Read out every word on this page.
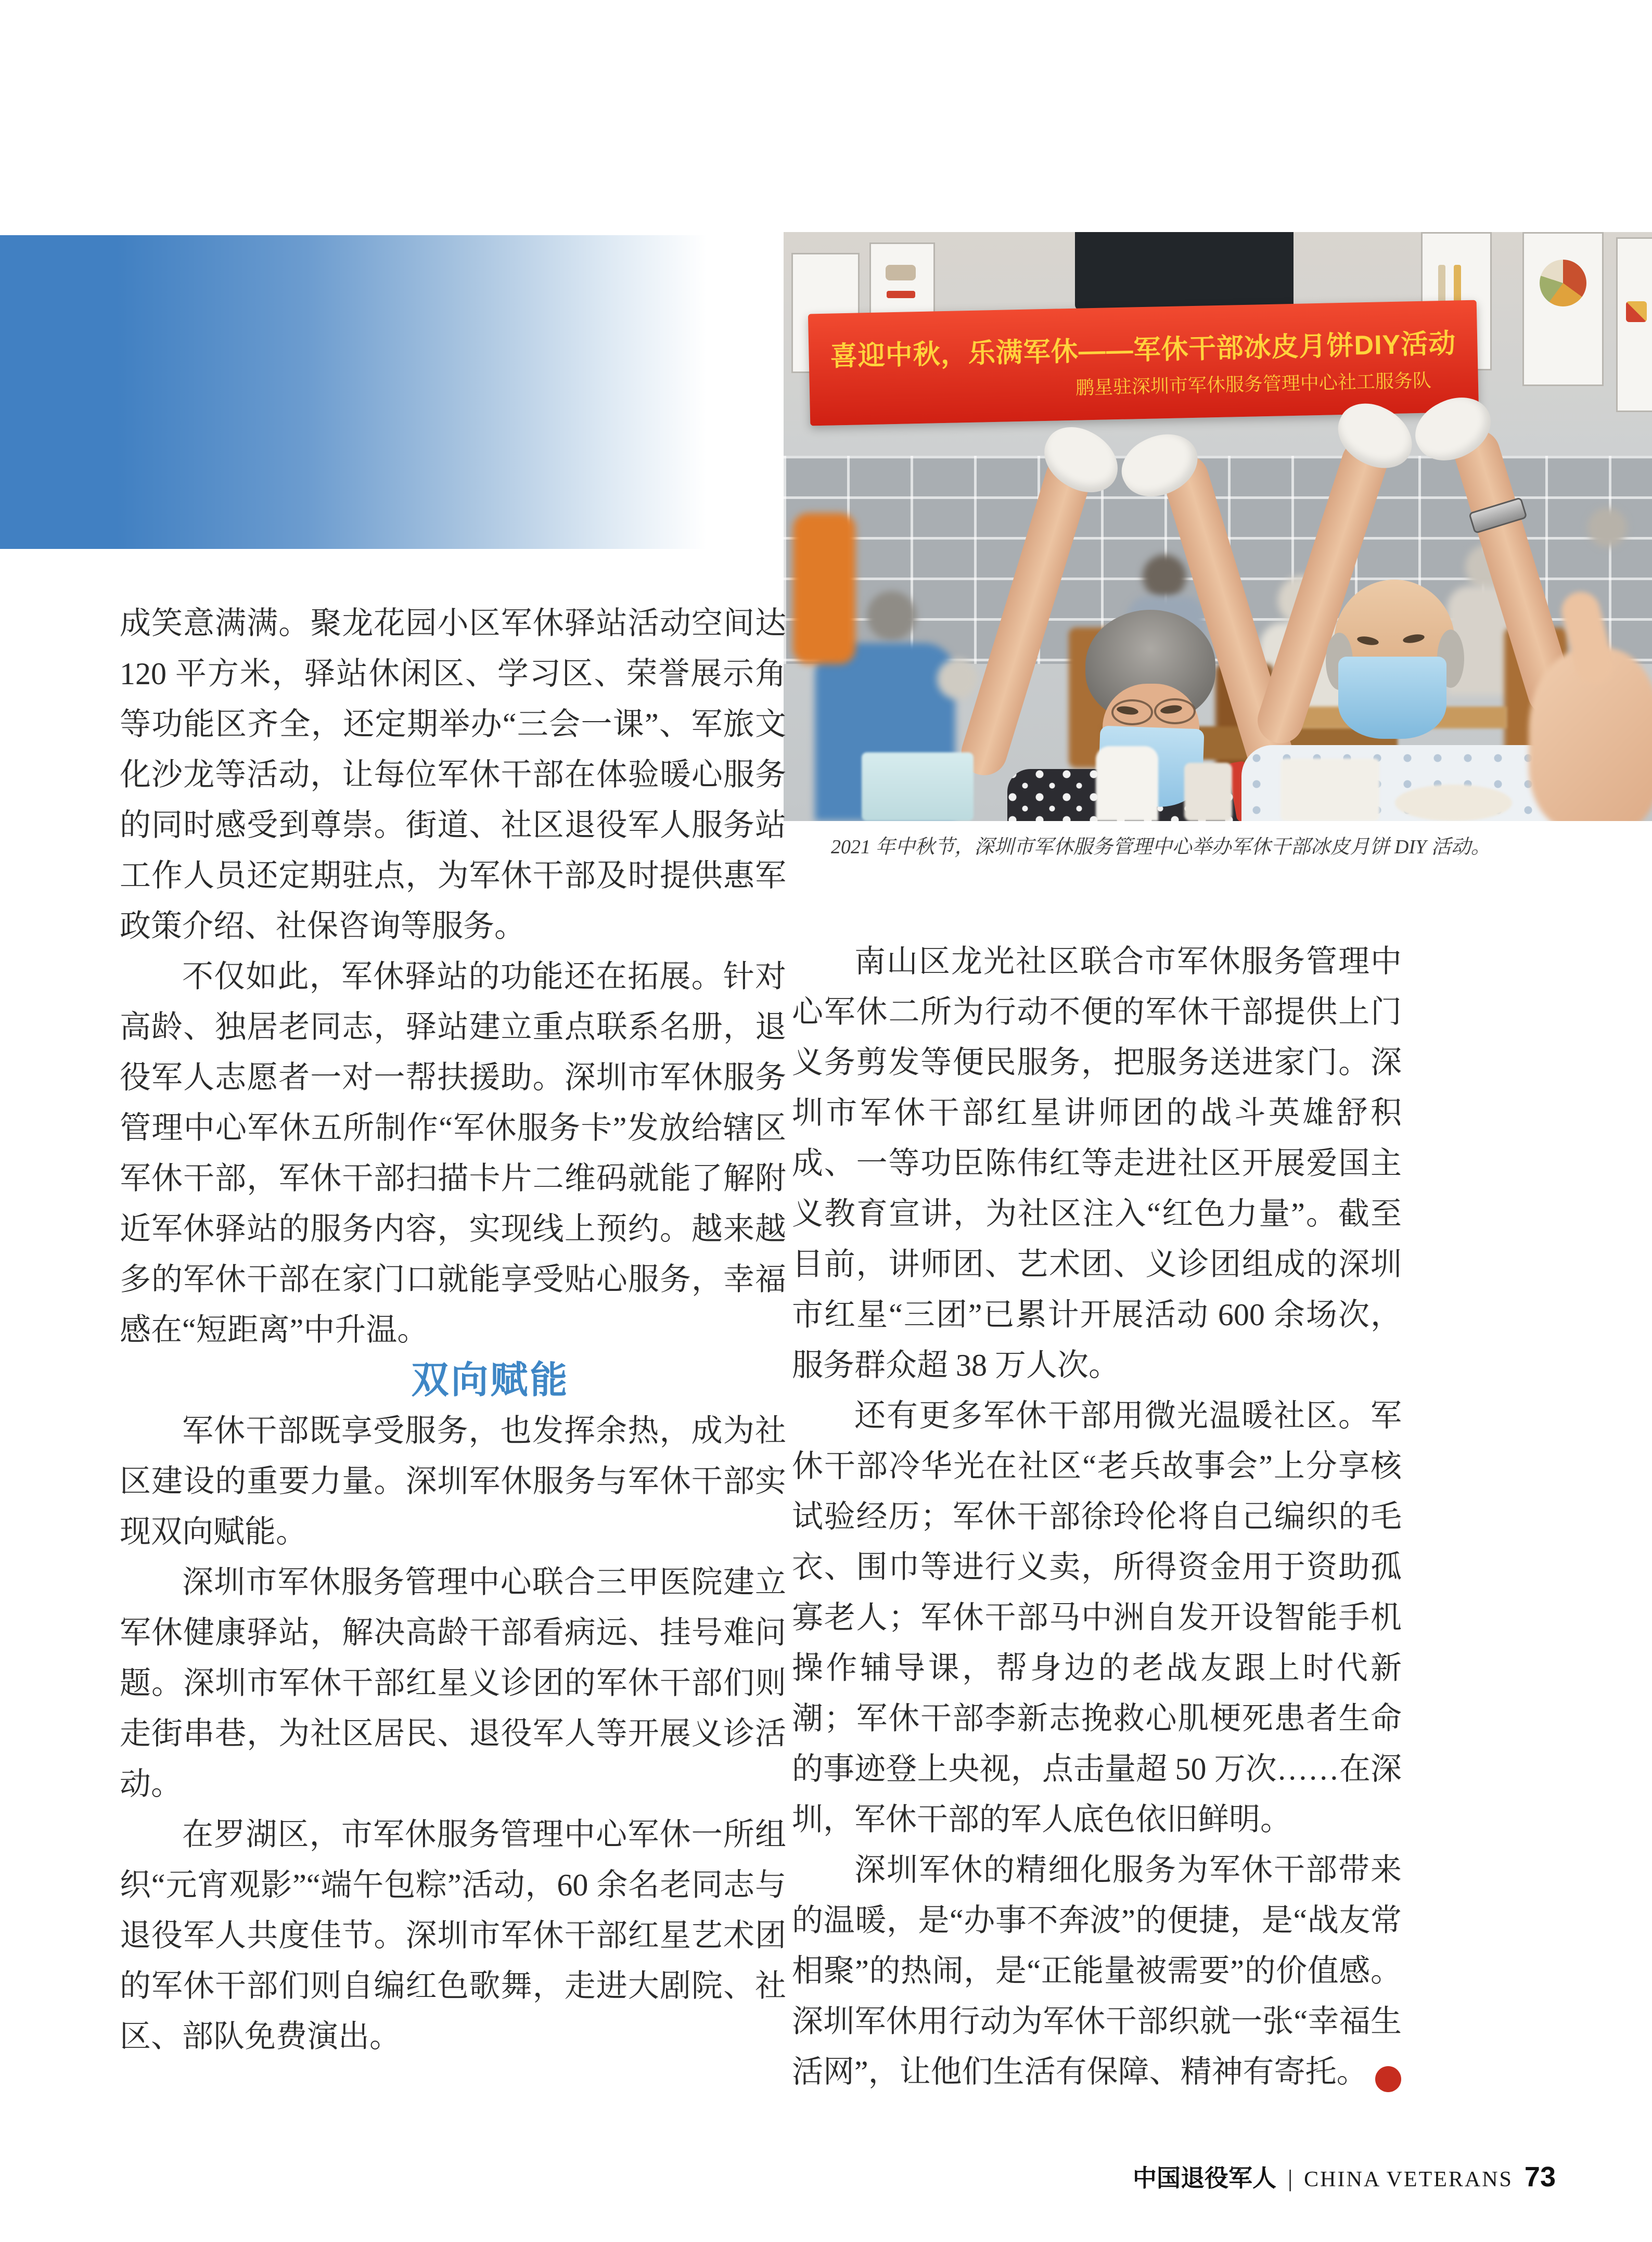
喜迎中秋，乐满军休——军休干部冰皮月饼DIY活动
鹏星驻深圳市军休服务管理中心社工服务队
2021 年中秋节，深圳市军休服务管理中心举办军休干部冰皮月饼 DIY 活动。

成笑意满满。聚龙花园小区军休驿站活动空间达 120 平方米，驿站休闲区、学习区、荣誉展示角等功能区齐全，还定期举办“三会一课”、军旅文化沙龙等活动，让每位军休干部在体验暖心服务的同时感受到尊崇。街道、社区退役军人服务站工作人员还定期驻点，为军休干部及时提供惠军政策介绍、社保咨询等服务。

不仅如此，军休驿站的功能还在拓展。针对高龄、独居老同志，驿站建立重点联系名册，退役军人志愿者一对一帮扶援助。深圳市军休服务管理中心军休五所制作“军休服务卡”发放给辖区军休干部，军休干部扫描卡片二维码就能了解附近军休驿站的服务内容，实现线上预约。越来越多的军休干部在家门口就能享受贴心服务，幸福感在“短距离”中升温。

双向赋能

军休干部既享受服务，也发挥余热，成为社区建设的重要力量。深圳军休服务与军休干部实现双向赋能。

深圳市军休服务管理中心联合三甲医院建立军休健康驿站，解决高龄干部看病远、挂号难问题。深圳市军休干部红星义诊团的军休干部们则走街串巷，为社区居民、退役军人等开展义诊活动。

在罗湖区，市军休服务管理中心军休一所组织“元宵观影”“端午包粽”活动，60 余名老同志与退役军人共度佳节。深圳市军休干部红星艺术团的军休干部们则自编红色歌舞，走进大剧院、社区、部队免费演出。

南山区龙光社区联合市军休服务管理中心军休二所为行动不便的军休干部提供上门义务剪发等便民服务，把服务送进家门。深圳市军休干部红星讲师团的战斗英雄舒积成、一等功臣陈伟红等走进社区开展爱国主义教育宣讲，为社区注入“红色力量”。截至目前，讲师团、艺术团、义诊团组成的深圳市红星“三团”已累计开展活动 600 余场次，服务群众超 38 万人次。

还有更多军休干部用微光温暖社区。军休干部冷华光在社区“老兵故事会”上分享核试验经历；军休干部徐玲伦将自己编织的毛衣、围巾等进行义卖，所得资金用于资助孤寡老人；军休干部马中洲自发开设智能手机操作辅导课，帮身边的老战友跟上时代新潮；军休干部李新志挽救心肌梗死患者生命的事迹登上央视，点击量超 50 万次……在深圳，军休干部的军人底色依旧鲜明。

深圳军休的精细化服务为军休干部带来的温暖，是“办事不奔波”的便捷，是“战友常相聚”的热闹，是“正能量被需要”的价值感。深圳军休用行动为军休干部织就一张“幸福生活网”，让他们生活有保障、精神有寄托。	V

中国退役军人 | CHINA VETERANS 73
